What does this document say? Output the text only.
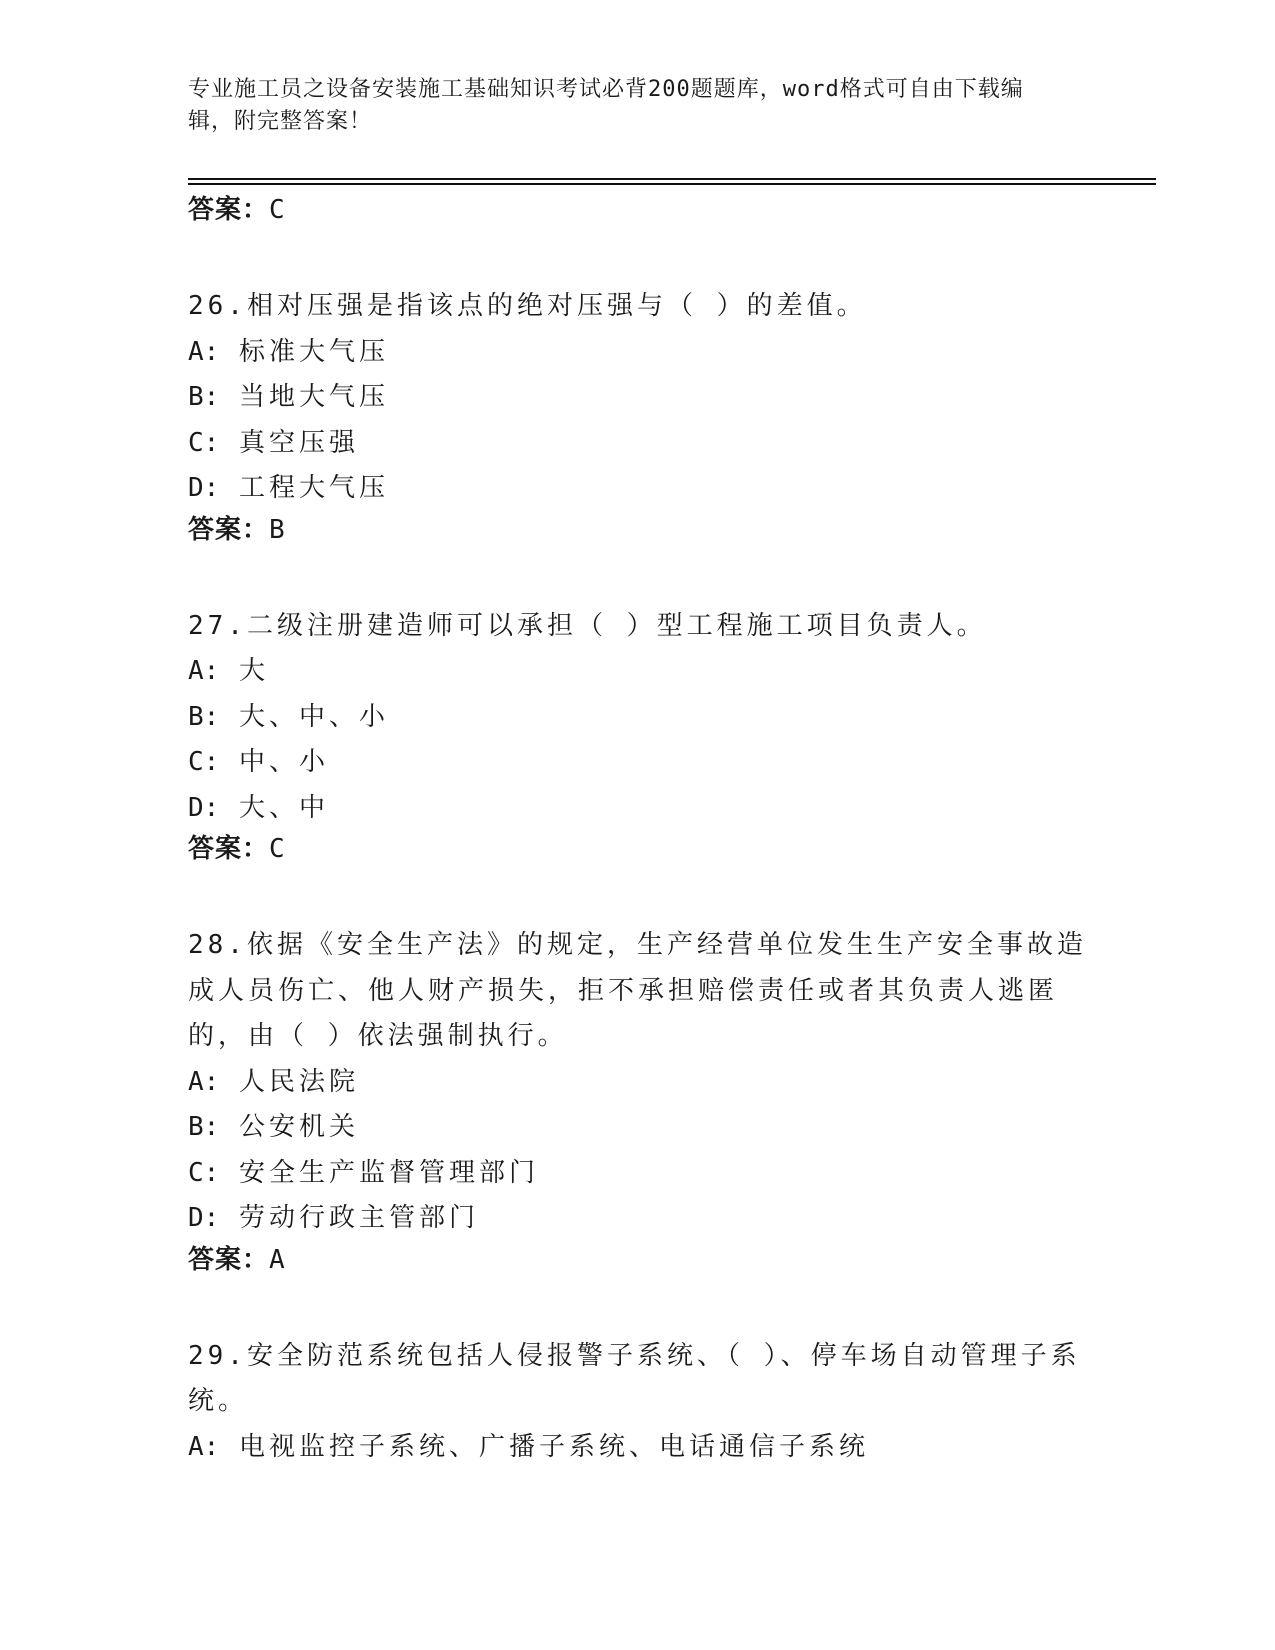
专业施工员之设备安装施工基础知识考试必背200题题库，word格式可自由下载编辑，附完整答案！
答案：C
26.相对压强是指该点的绝对压强与（ ）的差值。
A: 标准大气压
B: 当地大气压
C: 真空压强
D: 工程大气压
答案：B
27.二级注册建造师可以承担（ ）型工程施工项目负责人。
A: 大
B: 大、中、小
C: 中、小
D: 大、中
答案：C
28.依据《安全生产法》的规定，生产经营单位发生生产安全事故造成人员伤亡、他人财产损失，拒不承担赔偿责任或者其负责人逃匿的，由（ ）依法强制执行。
A: 人民法院
B: 公安机关
C: 安全生产监督管理部门
D: 劳动行政主管部门
答案：A
29.安全防范系统包括人侵报警子系统、（ ）、停车场自动管理子系统。
A: 电视监控子系统、广播子系统、电话通信子系统
